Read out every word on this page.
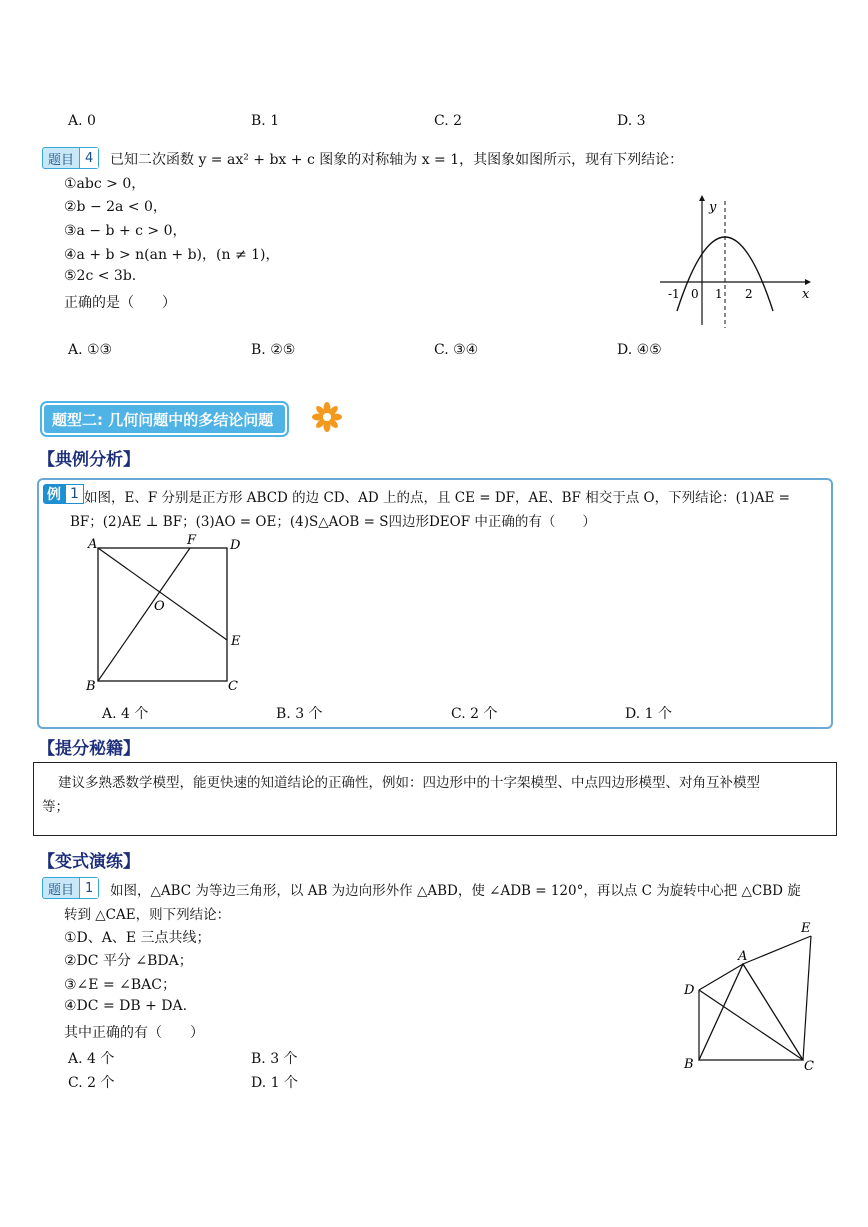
A. 0	B. 1	C. 2	D. 3
题目 4	已知二次函数 y = ax² + bx + c 图象的对称轴为 x = 1，其图象如图所示，现有下列结论：
①abc > 0，
②b − 2a < 0，
③a − b + c > 0，
④a + b > n(an + b)，(n ≠ 1)，
⑤2c < 3b.
正确的是（　　）
y
x
-1 0 1 2
A. ①③	B. ②⑤	C. ③④	D. ④⑤
题型二: 几何问题中的多结论问题
【典例分析】
例 1 如图，E、F 分别是正方形 ABCD 的边 CD、AD 上的点，且 CE = DF，AE、BF 相交于点 O，下列结论：(1)AE =
BF；(2)AE ⊥ BF；(3)AO = OE；(4)S△AOB = S四边形DEOF 中正确的有（　　）
A	F	D
O
E
B	C
A. 4 个	B. 3 个	C. 2 个	D. 1 个
【提分秘籍】
建议多熟悉数学模型，能更快速的知道结论的正确性，例如：四边形中的十字架模型、中点四边形模型、对角互补模型
等；
【变式演练】
题目 1	如图，△ABC 为等边三角形，以 AB 为边向形外作 △ABD，使 ∠ADB = 120°，再以点 C 为旋转中心把 △CBD 旋
转到 △CAE，则下列结论：
①D、A、E 三点共线；
②DC 平分 ∠BDA；
③∠E = ∠BAC；
④DC = DB + DA.
其中正确的有（　　）
A. 4 个	B. 3 个
C. 2 个	D. 1 个
E
A
D
B	C
